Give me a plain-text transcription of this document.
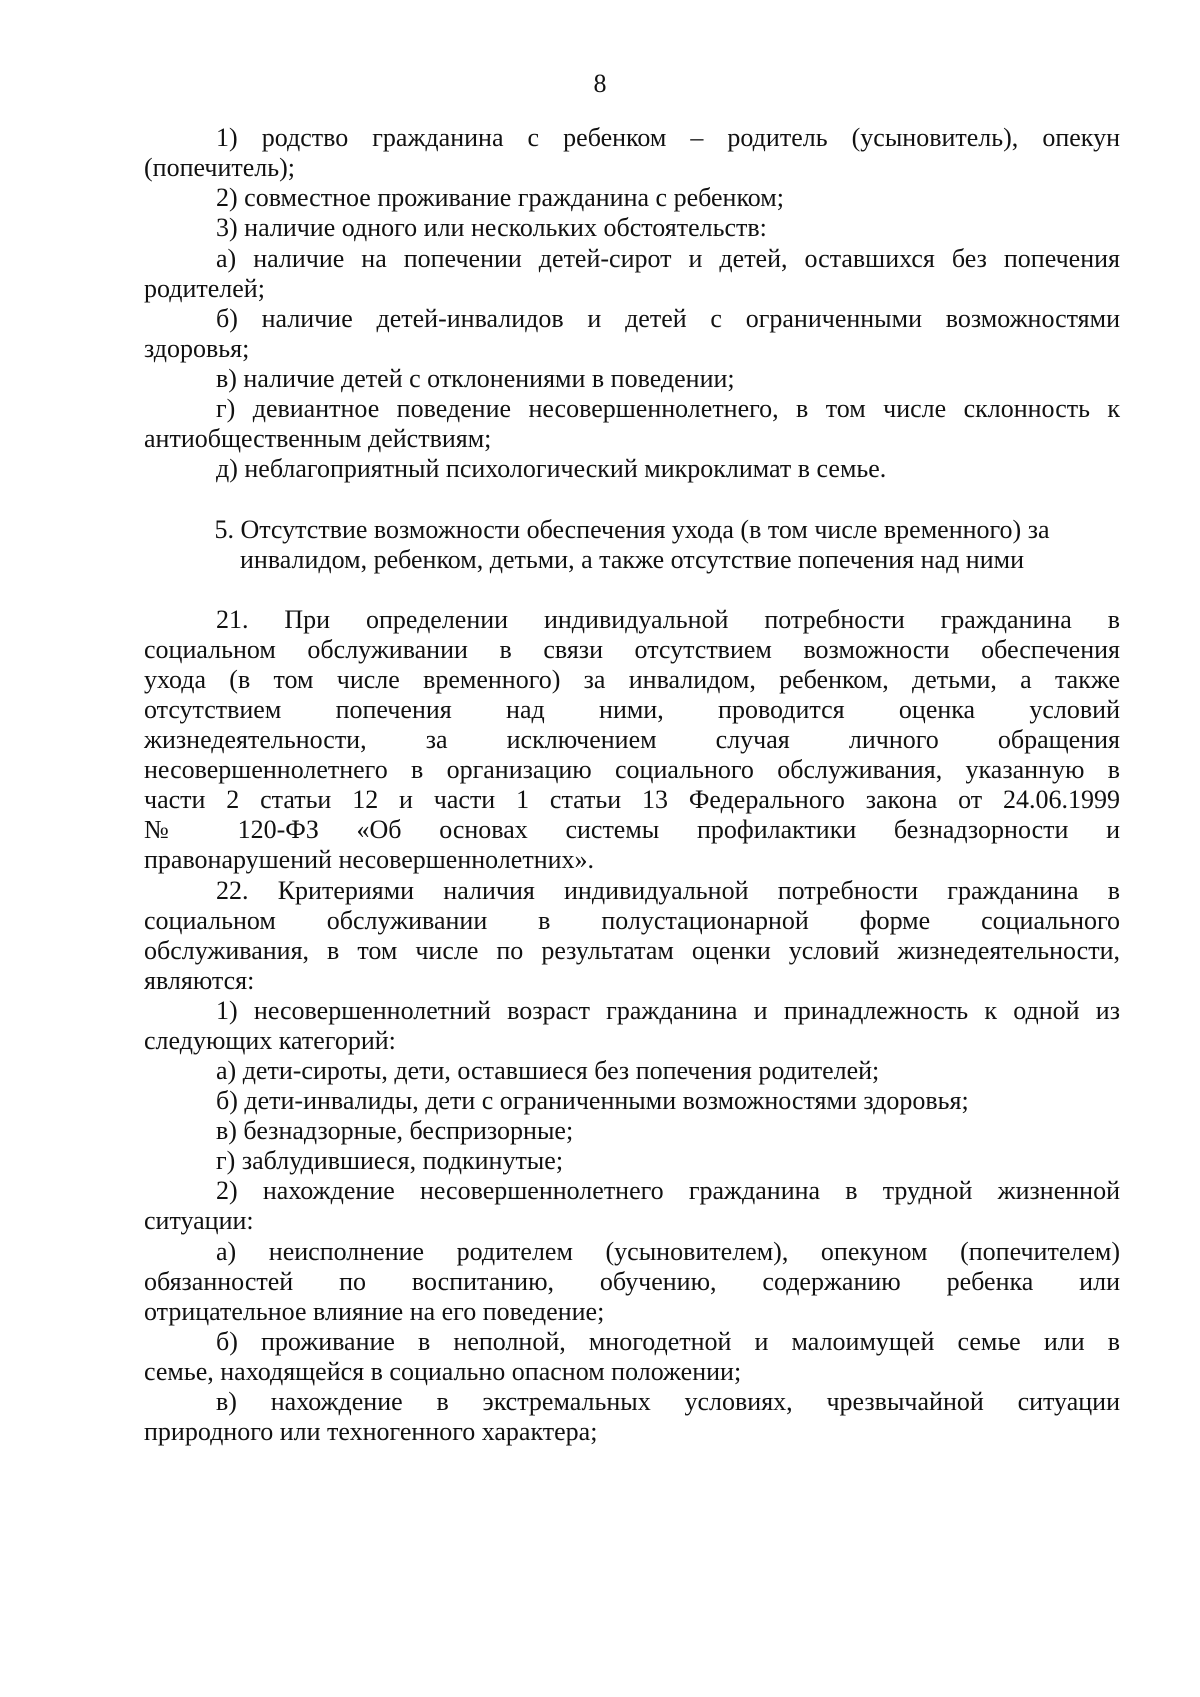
8
1) родство гражданина с ребенком – родитель (усыновитель), опекун
(попечитель);
2) совместное проживание гражданина с ребенком;
3) наличие одного или нескольких обстоятельств:
а) наличие на попечении детей-сирот и детей, оставшихся без попечения
родителей;
б) наличие детей-инвалидов и детей с ограниченными возможностями
здоровья;
в) наличие детей с отклонениями в поведении;
г) девиантное поведение несовершеннолетнего, в том числе склонность к
антиобщественным действиям;
д) неблагоприятный психологический микроклимат в семье.
5. Отсутствие возможности обеспечения ухода (в том числе временного) за
инвалидом, ребенком, детьми, а также отсутствие попечения над ними
21. При определении индивидуальной потребности гражданина в
социальном обслуживании в связи отсутствием возможности обеспечения
ухода (в том числе временного) за инвалидом, ребенком, детьми, а также
отсутствием попечения над ними, проводится оценка условий
жизнедеятельности, за исключением случая личного обращения
несовершеннолетнего в организацию социального обслуживания, указанную в
части 2 статьи 12 и части 1 статьи 13 Федерального закона от 24.06.1999
№ 120-ФЗ «Об основах системы профилактики безнадзорности и
правонарушений несовершеннолетних».
22. Критериями наличия индивидуальной потребности гражданина в
социальном обслуживании в полустационарной форме социального
обслуживания, в том числе по результатам оценки условий жизнедеятельности,
являются:
1) несовершеннолетний возраст гражданина и принадлежность к одной из
следующих категорий:
а) дети-сироты, дети, оставшиеся без попечения родителей;
б) дети-инвалиды, дети с ограниченными возможностями здоровья;
в) безнадзорные, беспризорные;
г) заблудившиеся, подкинутые;
2) нахождение несовершеннолетнего гражданина в трудной жизненной
ситуации:
а) неисполнение родителем (усыновителем), опекуном (попечителем)
обязанностей по воспитанию, обучению, содержанию ребенка или
отрицательное влияние на его поведение;
б) проживание в неполной, многодетной и малоимущей семье или в
семье, находящейся в социально опасном положении;
в) нахождение в экстремальных условиях, чрезвычайной ситуации
природного или техногенного характера;
